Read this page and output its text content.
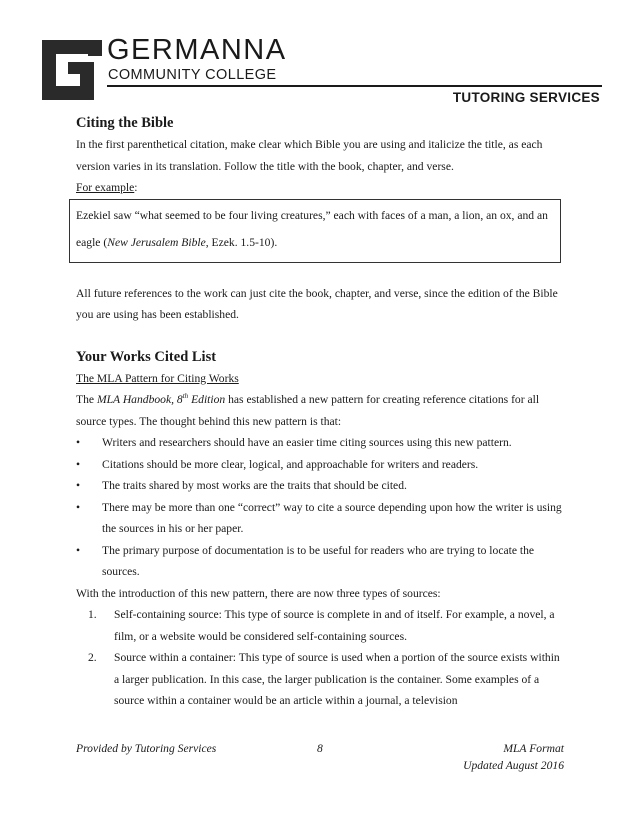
GERMANNA
COMMUNITY COLLEGE
TUTORING SERVICES
Citing the Bible

In the first parenthetical citation, make clear which Bible you are using and italicize the title, as each version varies in its translation. Follow the title with the book, chapter, and verse.

For example:

Ezekiel saw “what seemed to be four living creatures,” each with faces of a man, a lion, an ox, and an eagle (New Jerusalem Bible, Ezek. 1.5-10).

All future references to the work can just cite the book, chapter, and verse, since the edition of the Bible you are using has been established.

Your Works Cited List

The MLA Pattern for Citing Works

The MLA Handbook, 8th Edition has established a new pattern for creating reference citations for all source types. The thought behind this new pattern is that:

• Writers and researchers should have an easier time citing sources using this new pattern.
• Citations should be more clear, logical, and approachable for writers and readers.
• The traits shared by most works are the traits that should be cited.
• There may be more than one “correct” way to cite a source depending upon how the writer is using the sources in his or her paper.
• The primary purpose of documentation is to be useful for readers who are trying to locate the sources.

With the introduction of this new pattern, there are now three types of sources:

1. Self-containing source: This type of source is complete in and of itself. For example, a novel, a film, or a website would be considered self-containing sources.
2. Source within a container: This type of source is used when a portion of the source exists within a larger publication. In this case, the larger publication is the container. Some examples of a source within a container would be an article within a journal, a television
Provided by Tutoring Services	8	MLA Format
Updated August 2016
